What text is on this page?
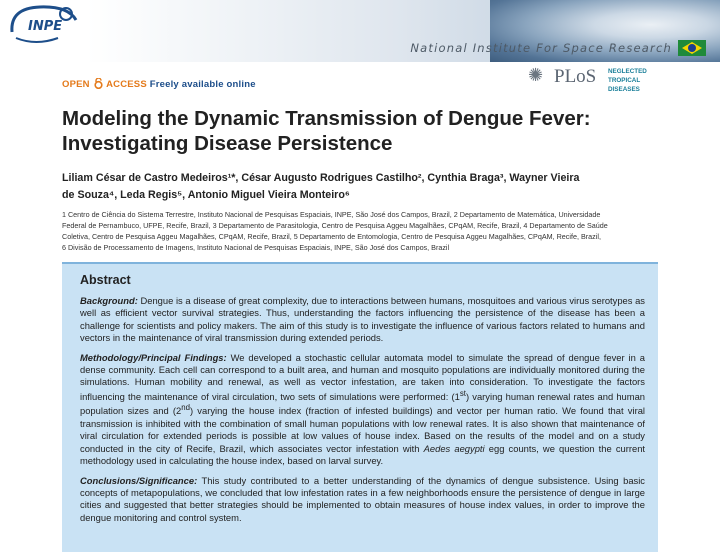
INPE
National Institute For Space Research
OPEN ACCESS Freely available online	✺ PLoS NEGLECTED
TROPICAL DISEASES
Modeling the Dynamic Transmission of Dengue Fever:
Investigating Disease Persistence
Liliam César de Castro Medeiros¹*, César Augusto Rodrigues Castilho², Cynthia Braga³, Wayner Vieira
de Souza⁴, Leda Regis⁵, Antonio Miguel Vieira Monteiro⁶
1 Centro de Ciência do Sistema Terrestre, Instituto Nacional de Pesquisas Espaciais, INPE, São José dos Campos, Brazil, 2 Departamento de Matemática, Universidade
Federal de Pernambuco, UFPE, Recife, Brazil, 3 Departamento de Parasitologia, Centro de Pesquisa Aggeu Magalhães, CPqAM, Recife, Brazil, 4 Departamento de Saúde
Coletiva, Centro de Pesquisa Aggeu Magalhães, CPqAM, Recife, Brazil, 5 Departamento de Entomologia, Centro de Pesquisa Aggeu Magalhães, CPqAM, Recife, Brazil,
6 Divisão de Processamento de Imagens, Instituto Nacional de Pesquisas Espaciais, INPE, São José dos Campos, Brazil
Abstract

Background: Dengue is a disease of great complexity, due to interactions between humans, mosquitoes and various virus serotypes as well as efficient vector survival strategies. Thus, understanding the factors influencing the persistence of the disease has been a challenge for scientists and policy makers. The aim of this study is to investigate the influence of various factors related to humans and vectors in the maintenance of viral transmission during extended periods.

Methodology/Principal Findings: We developed a stochastic cellular automata model to simulate the spread of dengue fever in a dense community. Each cell can correspond to a built area, and human and mosquito populations are individually monitored during the simulations. Human mobility and renewal, as well as vector infestation, are taken into consideration. To investigate the factors influencing the maintenance of viral circulation, two sets of simulations were performed: (1st) varying human renewal rates and human population sizes and (2nd) varying the house index (fraction of infested buildings) and vector per human ratio. We found that viral transmission is inhibited with the combination of small human populations with low renewal rates. It is also shown that maintenance of viral circulation for extended periods is possible at low values of house index. Based on the results of the model and on a study conducted in the city of Recife, Brazil, which associates vector infestation with Aedes aegypti egg counts, we question the current methodology used in calculating the house index, based on larval survey.

Conclusions/Significance: This study contributed to a better understanding of the dynamics of dengue subsistence. Using basic concepts of metapopulations, we concluded that low infestation rates in a few neighborhoods ensure the persistence of dengue in large cities and suggested that better strategies should be implemented to obtain measures of house index values, in order to improve the dengue monitoring and control system.
